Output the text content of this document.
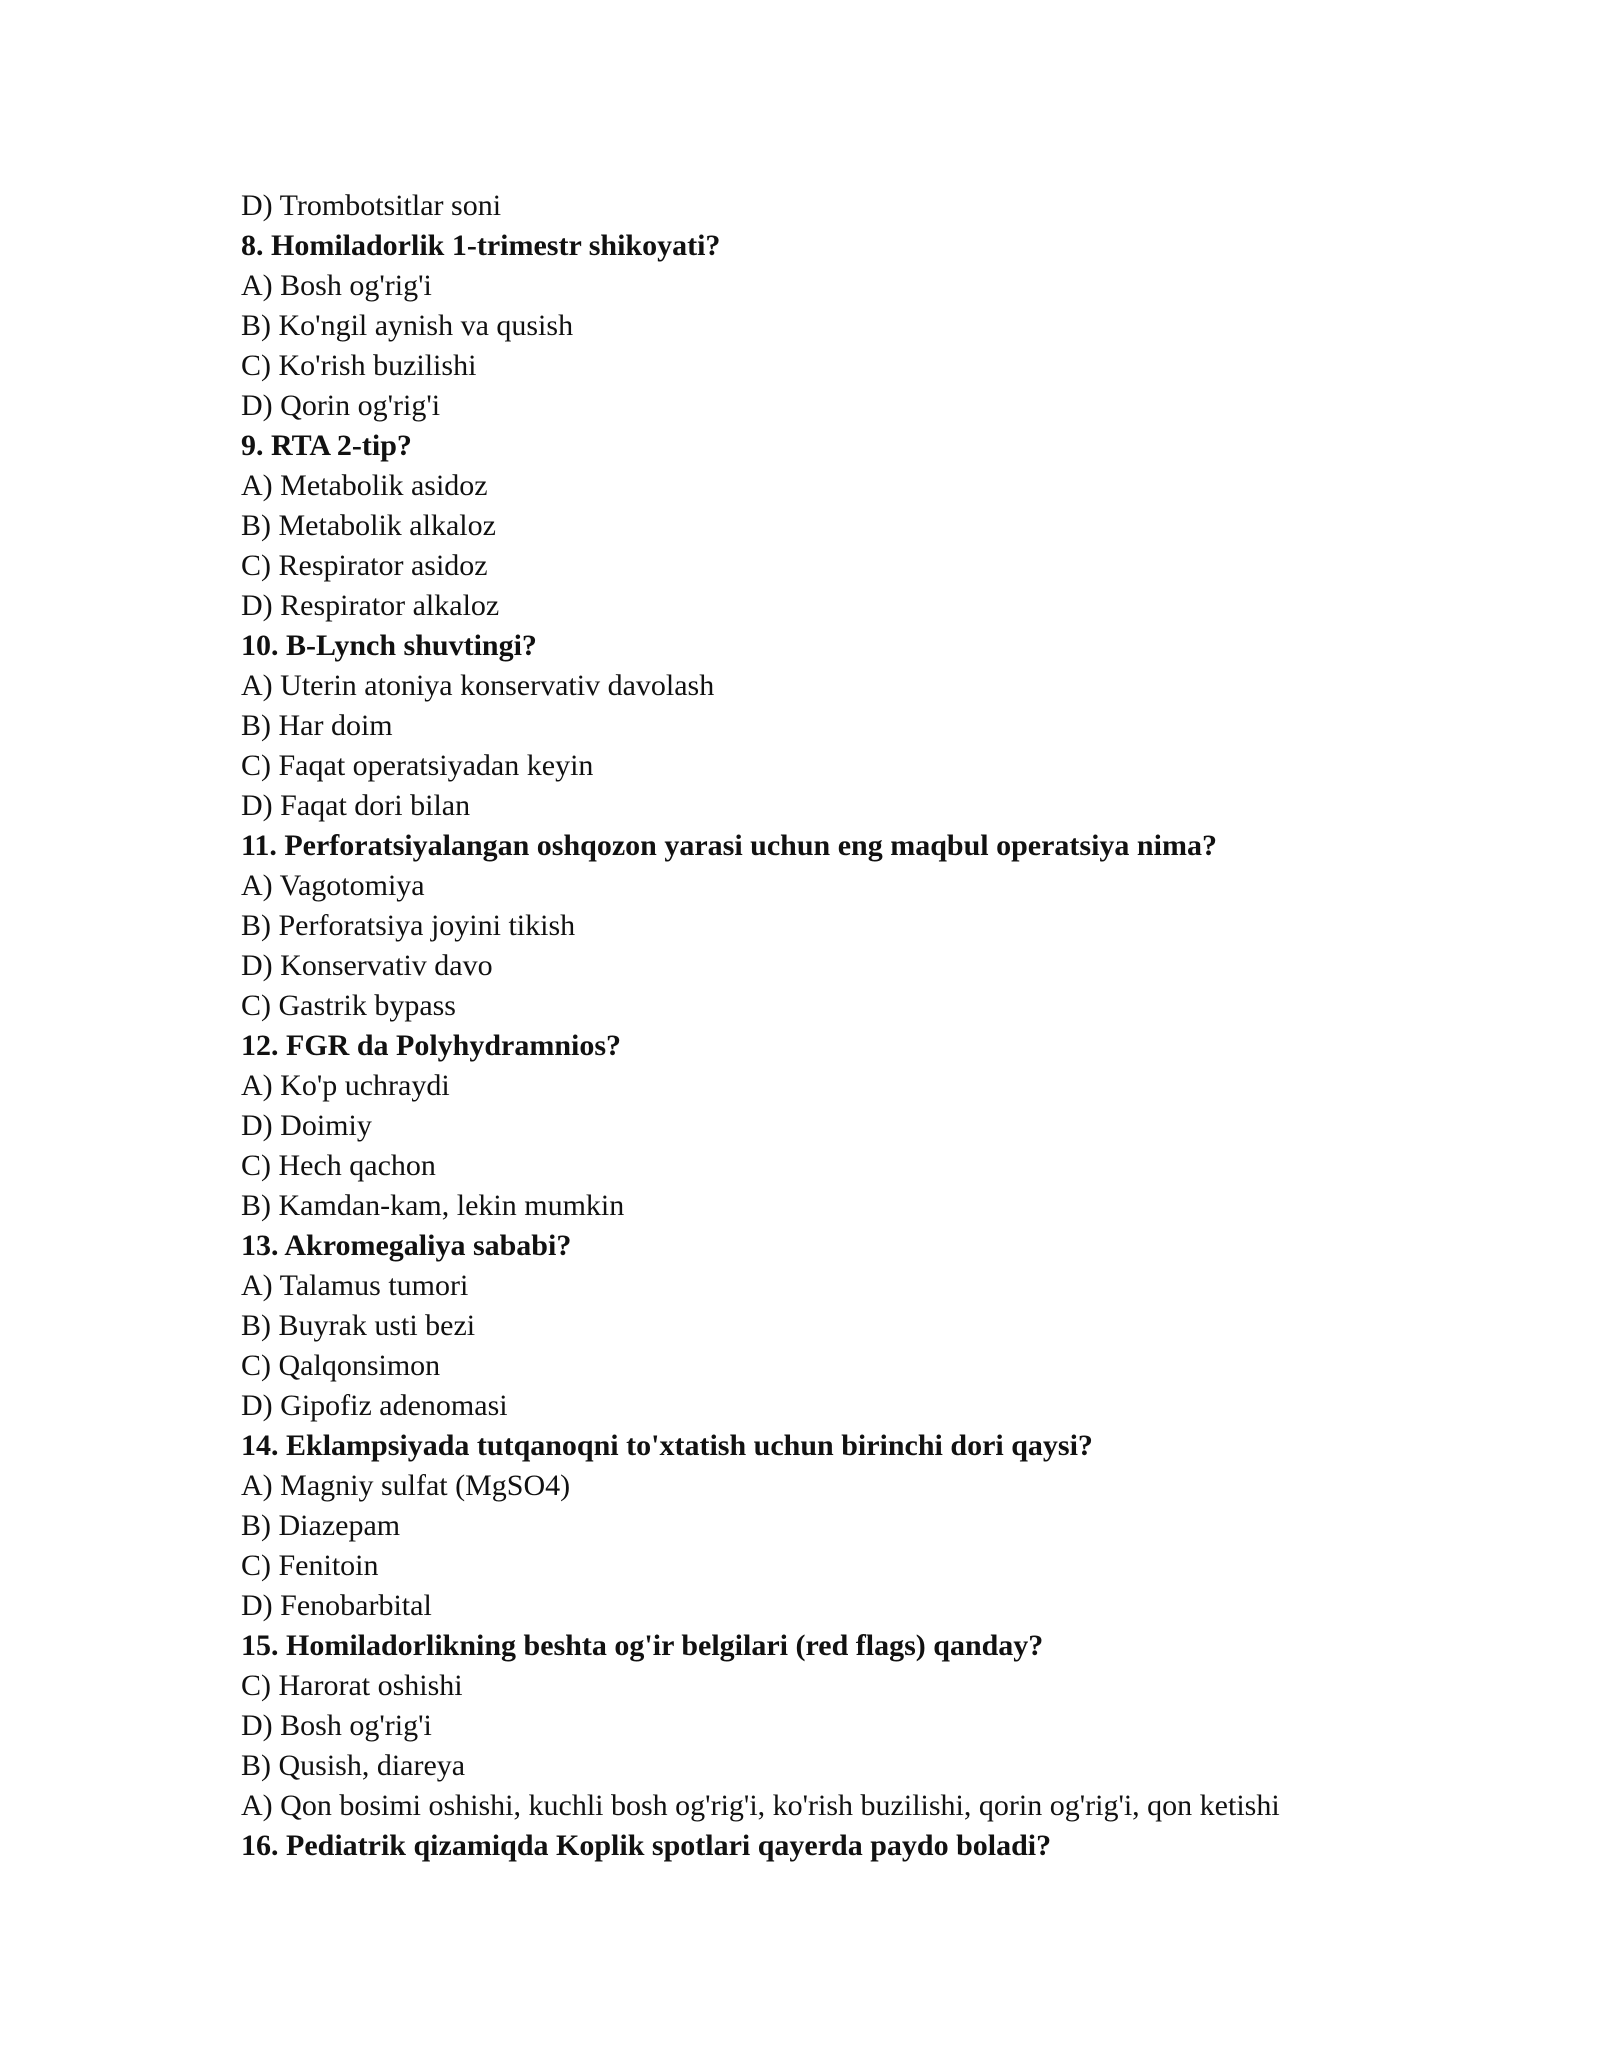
D) Trombotsitlar soni
8. Homiladorlik 1-trimestr shikoyati?
A) Bosh og'rig'i
B) Ko'ngil aynish va qusish
C) Ko'rish buzilishi
D) Qorin og'rig'i
9. RTA 2-tip?
A) Metabolik asidoz
B) Metabolik alkaloz
C) Respirator asidoz
D) Respirator alkaloz
10. B-Lynch shuvtingi?
A) Uterin atoniya konservativ davolash
B) Har doim
C) Faqat operatsiyadan keyin
D) Faqat dori bilan
11. Perforatsiyalangan oshqozon yarasi uchun eng maqbul operatsiya nima?
A) Vagotomiya
B) Perforatsiya joyini tikish
D) Konservativ davo
C) Gastrik bypass
12. FGR da Polyhydramnios?
A) Ko'p uchraydi
D) Doimiy
C) Hech qachon
B) Kamdan-kam, lekin mumkin
13. Akromegaliya sababi?
A) Talamus tumori
B) Buyrak usti bezi
C) Qalqonsimon
D) Gipofiz adenomasi
14. Eklampsiyada tutqanoqni to'xtatish uchun birinchi dori qaysi?
A) Magniy sulfat (MgSO4)
B) Diazepam
C) Fenitoin
D) Fenobarbital
15. Homiladorlikning beshta og'ir belgilari (red flags) qanday?
C) Harorat oshishi
D) Bosh og'rig'i
B) Qusish, diareya
A) Qon bosimi oshishi, kuchli bosh og'rig'i, ko'rish buzilishi, qorin og'rig'i, qon ketishi
16. Pediatrik qizamiqda Koplik spotlari qayerda paydo boladi?
